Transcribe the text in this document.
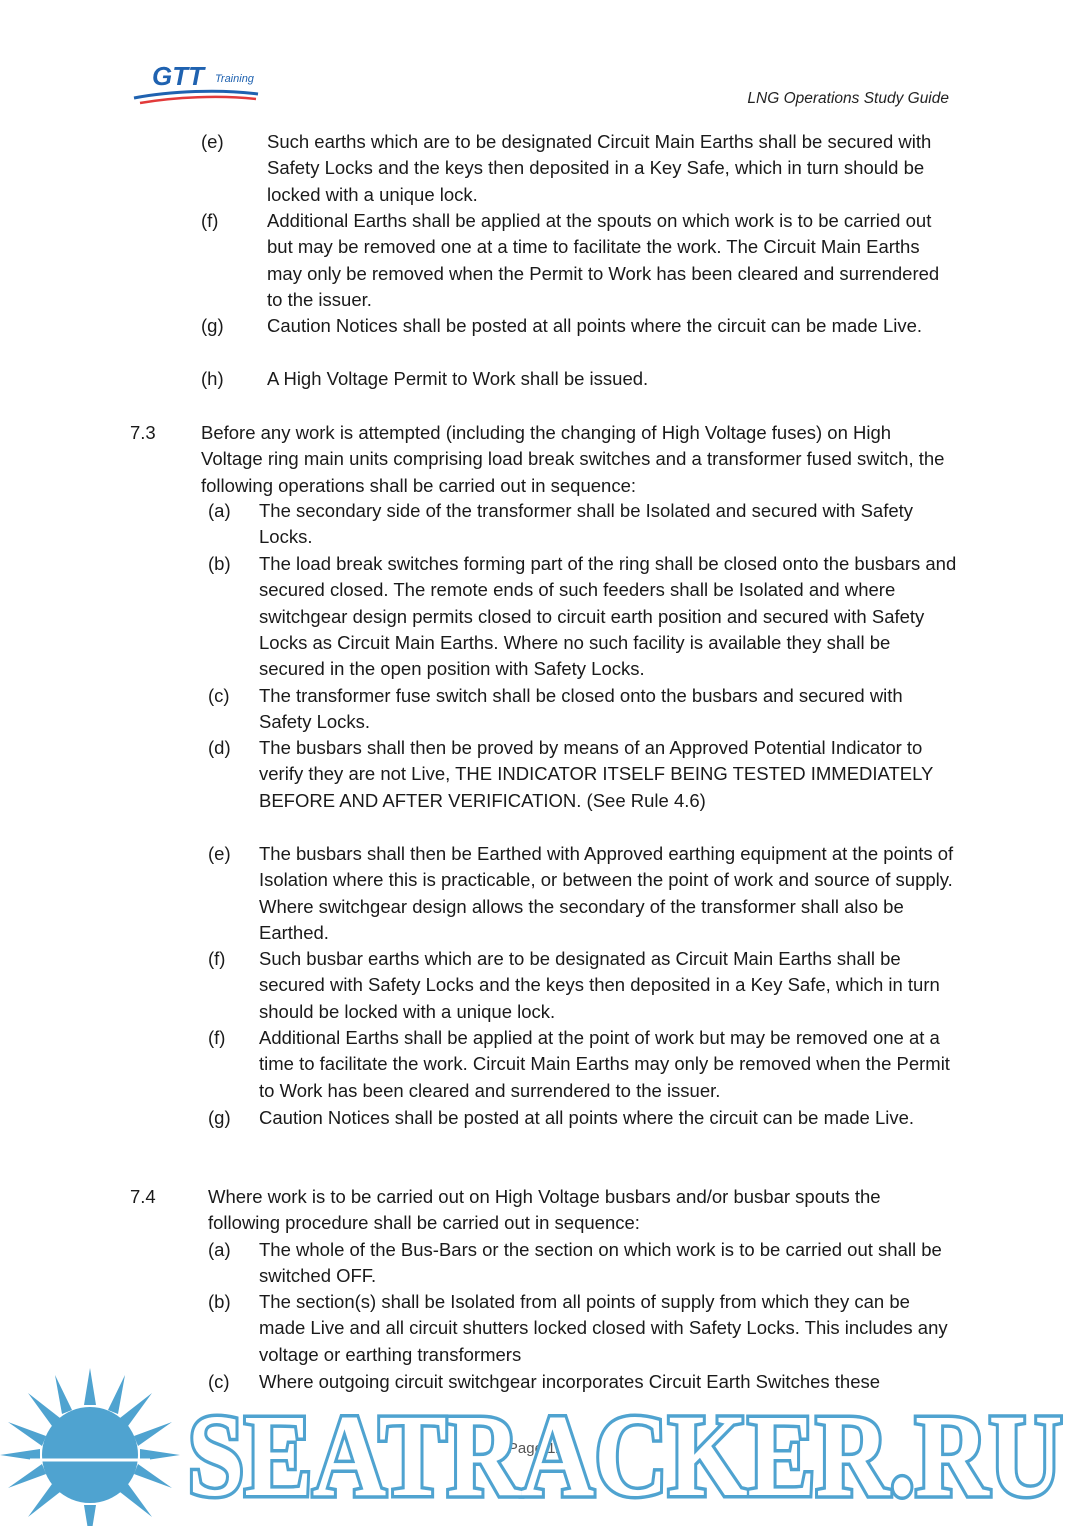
GTT Training
LNG Operations Study Guide
(e) Such earths which are to be designated Circuit Main Earths shall be secured with Safety Locks and the keys then deposited in a Key Safe, which in turn should be locked with a unique lock.
(f)	Additional Earths shall be applied at the spouts on which work is to be carried out but may be removed one at a time to facilitate the work. The Circuit Main Earths may only be removed when the Permit to Work has been cleared and surrendered to the issuer.
(g) Caution Notices shall be posted at all points where the circuit can be made Live.
(h) A High Voltage Permit to Work shall be issued.
7.3 Before any work is attempted (including the changing of High Voltage fuses) on High Voltage ring main units comprising load break switches and a transformer fused switch, the following operations shall be carried out in sequence:
(a) The secondary side of the transformer shall be Isolated and secured with Safety Locks.
(b) The load break switches forming part of the ring shall be closed onto the busbars and secured closed. The remote ends of such feeders shall be Isolated and where switchgear design permits closed to circuit earth position and secured with Safety Locks as Circuit Main Earths. Where no such facility is available they shall be secured in the open position with Safety Locks.
(c) The transformer fuse switch shall be closed onto the busbars and secured with Safety Locks.
(d) The busbars shall then be proved by means of an Approved Potential Indicator to verify they are not Live, THE INDICATOR ITSELF BEING TESTED IMMEDIATELY BEFORE AND AFTER VERIFICATION. (See Rule 4.6)
(e) The busbars shall then be Earthed with Approved earthing equipment at the points of Isolation where this is practicable, or between the point of work and source of supply. Where switchgear design allows the secondary of the transformer shall also be Earthed.
(f) Such busbar earths which are to be designated as Circuit Main Earths shall be secured with Safety Locks and the keys then deposited in a Key Safe, which in turn should be locked with a unique lock.
(f) Additional Earths shall be applied at the point of work but may be removed one at a time to facilitate the work. Circuit Main Earths may only be removed when the Permit to Work has been cleared and surrendered to the issuer.
(g) Caution Notices shall be posted at all points where the circuit can be made Live.
7.4	Where work is to be carried out on High Voltage busbars and/or busbar spouts the following procedure shall be carried out in sequence:
(a) The whole of the Bus-Bars or the section on which work is to be carried out shall be switched OFF.
(b) The section(s) shall be Isolated from all points of supply from which they can be made Live and all circuit shutters locked closed with Safety Locks. This includes any voltage or earthing transformers
(c) Where outgoing circuit switchgear incorporates Circuit Earth Switches these
Page 129
SEATRACKER.RU
